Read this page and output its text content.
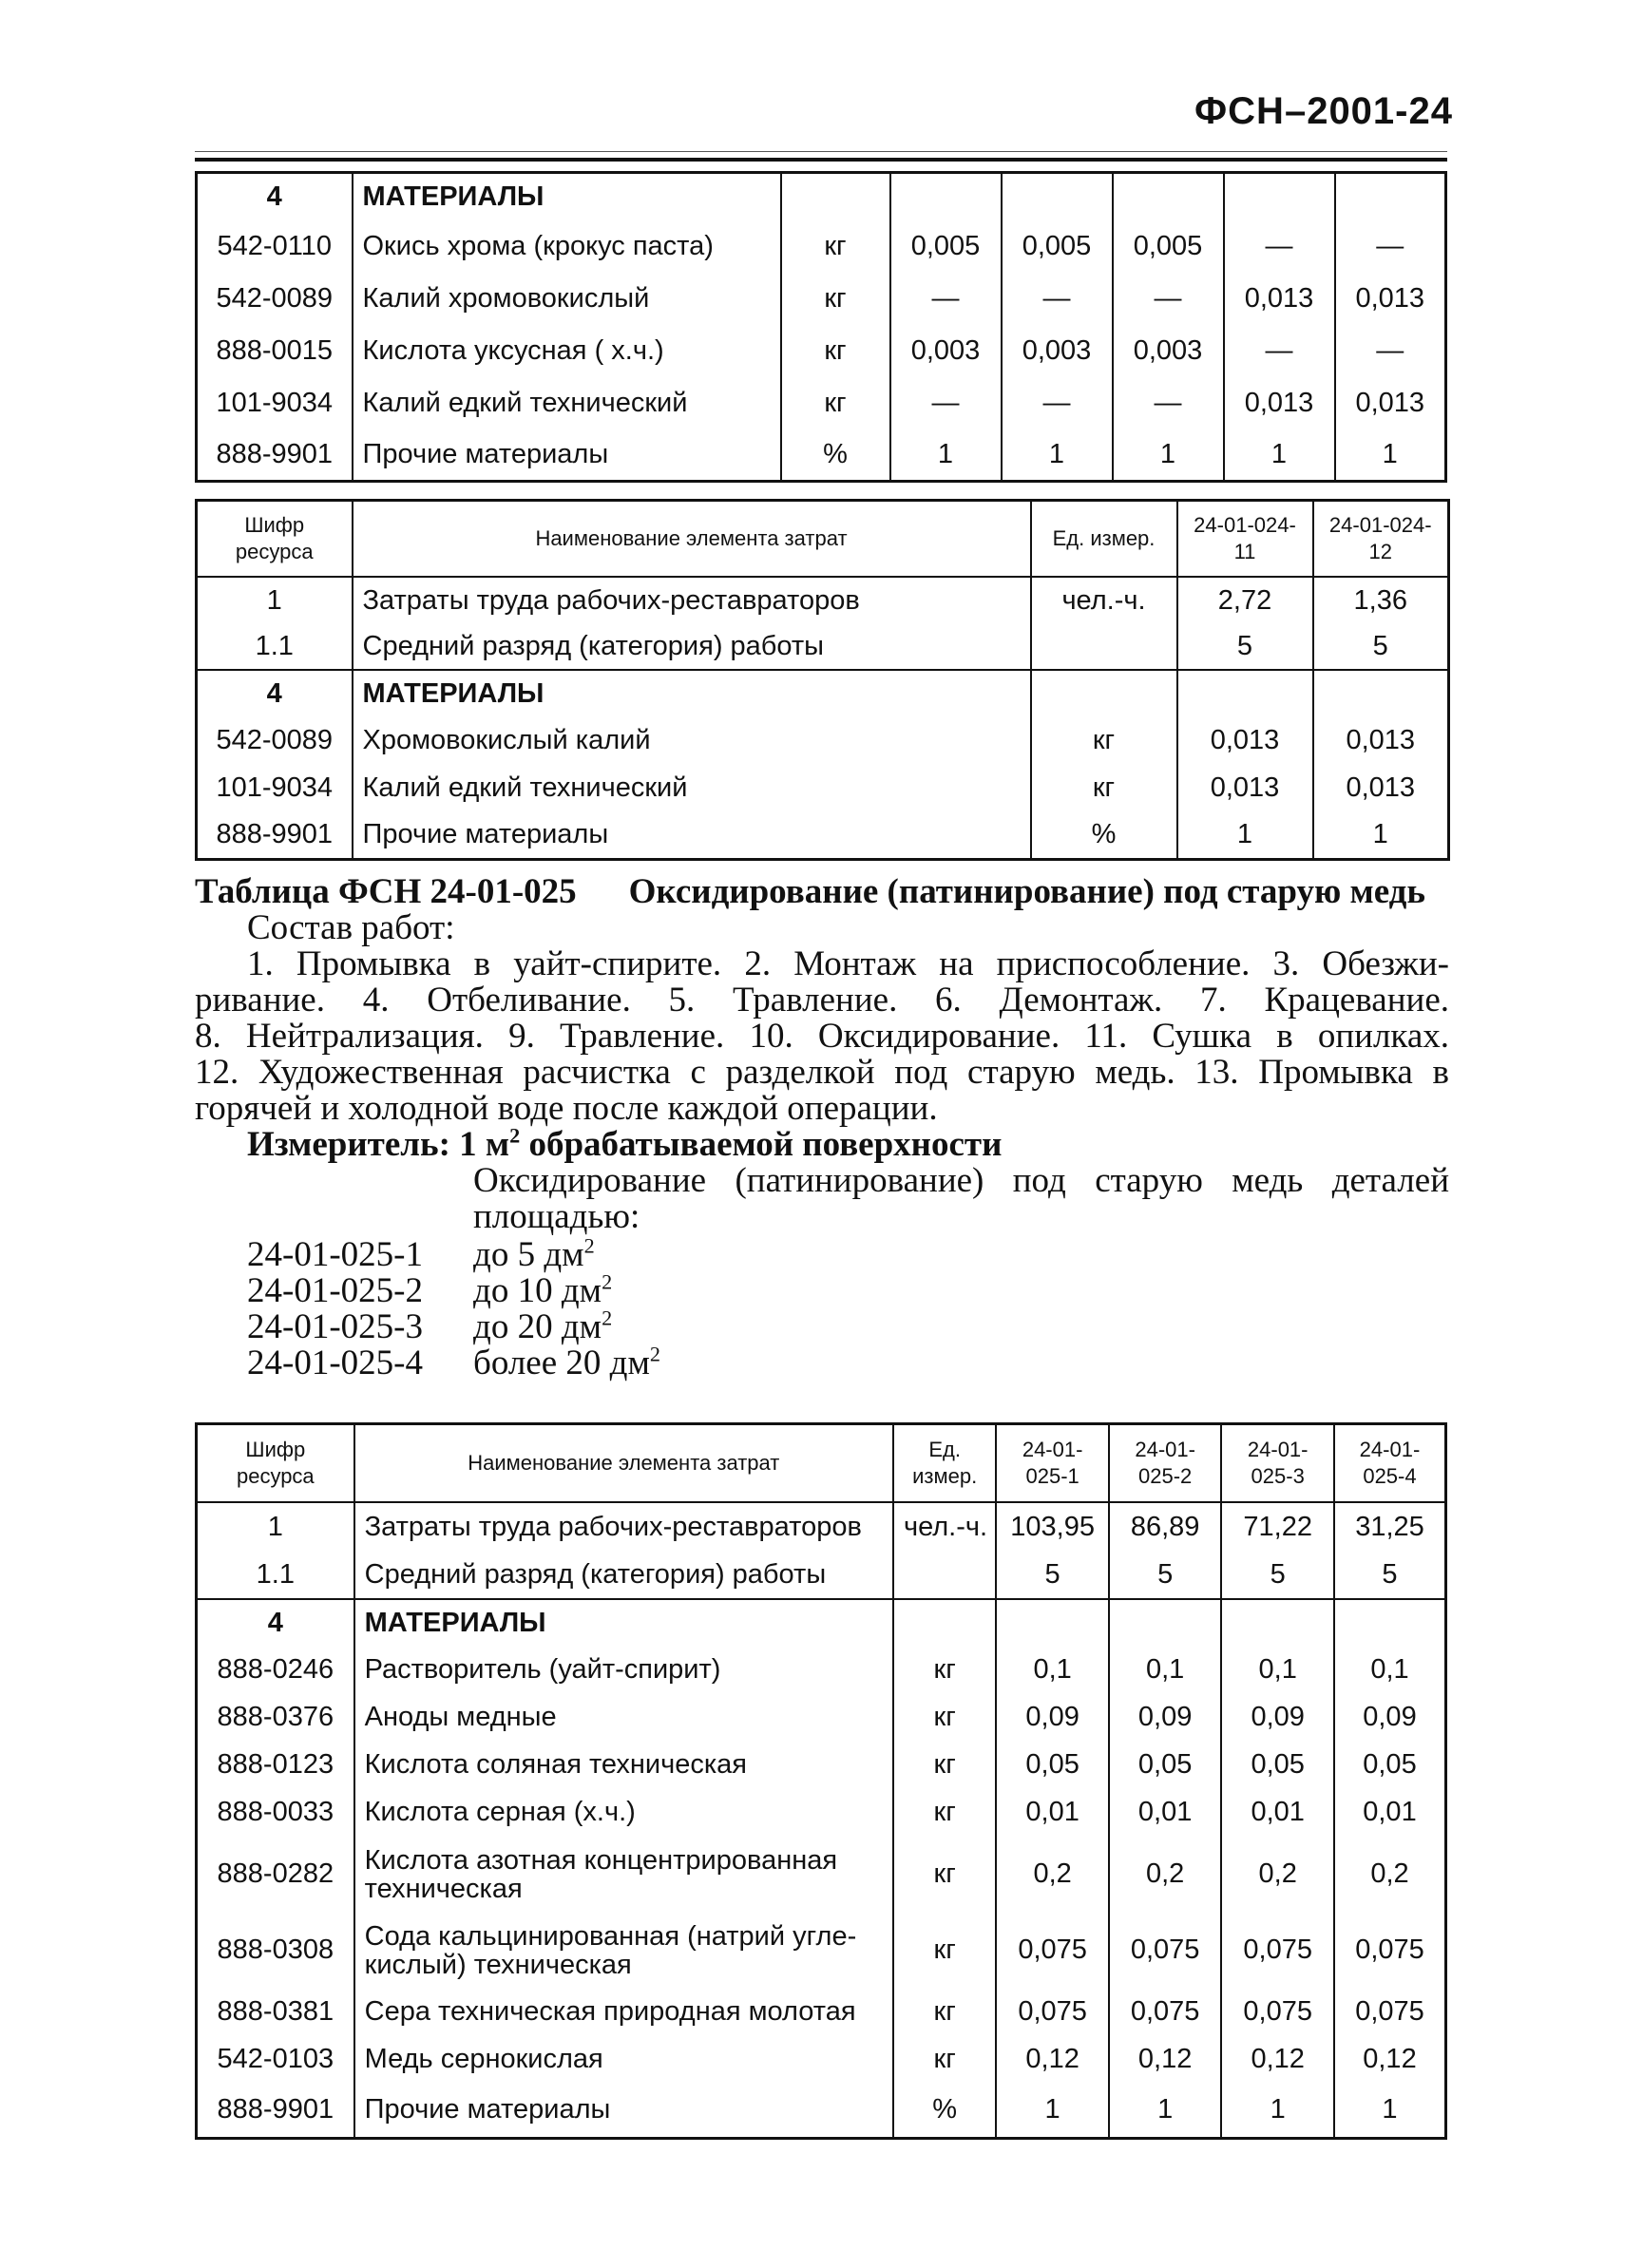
ФСН–2001-24
4	МАТЕРИАЛЫ						
542-0110	Окись хрома (крокус паста)	кг	0,005	0,005	0,005	—	—
542-0089	Калий хромовокислый	кг	—	—	—	0,013	0,013
888-0015	Кислота уксусная ( х.ч.)	кг	0,003	0,003	0,003	—	—
101-9034	Калий едкий технический	кг	—	—	—	0,013	0,013
888-9901	Прочие материалы	%	1	1	1	1	1
Шифр ресурса	Наименование элемента затрат	Ед. измер.	24-01-024-11	24-01-024-12
1	Затраты труда рабочих-реставраторов	чел.-ч.	2,72	1,36
1.1	Средний разряд (категория) работы		5	5
4	МАТЕРИАЛЫ			
542-0089	Хромовокислый калий	кг	0,013	0,013
101-9034	Калий едкий технический	кг	0,013	0,013
888-9901	Прочие материалы	%	1	1
Таблица ФСН 24-01-025 Оксидирование (патинирование) под старую медь

Состав работ:

1. Промывка в уайт-спирите. 2. Монтаж на приспособление. 3. Обезжи-

ривание. 4. Отбеливание. 5. Травление. 6. Демонтаж. 7. Крацевание.

8. Нейтрализация. 9. Травление. 10. Оксидирование. 11. Сушка в опилках.

12. Художественная расчистка с разделкой под старую медь. 13. Промывка в

горячей и холодной воде после каждой операции.

Измеритель: 1 $м^2$ обрабатываемой поверхности

Оксидирование (патинирование) под старую медь деталей

площадью:

24-01-025-1	до 5 $дм^2$
24-01-025-2	до 10 $дм^2$
24-01-025-3	до 20 $дм^2$
24-01-025-4	более 20 $дм^2$
Шифр ресурса	Наименование элемента затрат	Ед. измер.	24-01-025-1	24-01-025-2	24-01-025-3	24-01-025-4
1	Затраты труда рабочих-реставраторов	чел.-ч.	103,95	86,89	71,22	31,25
1.1	Средний разряд (категория) работы		5	5	5	5
4	МАТЕРИАЛЫ					
888-0246	Растворитель (уайт-спирит)	кг	0,1	0,1	0,1	0,1
888-0376	Аноды медные	кг	0,09	0,09	0,09	0,09
888-0123	Кислота соляная техническая	кг	0,05	0,05	0,05	0,05
888-0033	Кислота серная (х.ч.)	кг	0,01	0,01	0,01	0,01
888-0282	Кислота азотная концентрированная техническая	кг	0,2	0,2	0,2	0,2
888-0308	Сода кальцинированная (натрий угле-кислый) техническая	кг	0,075	0,075	0,075	0,075
888-0381	Сера техническая природная молотая	кг	0,075	0,075	0,075	0,075
542-0103	Медь сернокислая	кг	0,12	0,12	0,12	0,12
888-9901	Прочие материалы	%	1	1	1	1
